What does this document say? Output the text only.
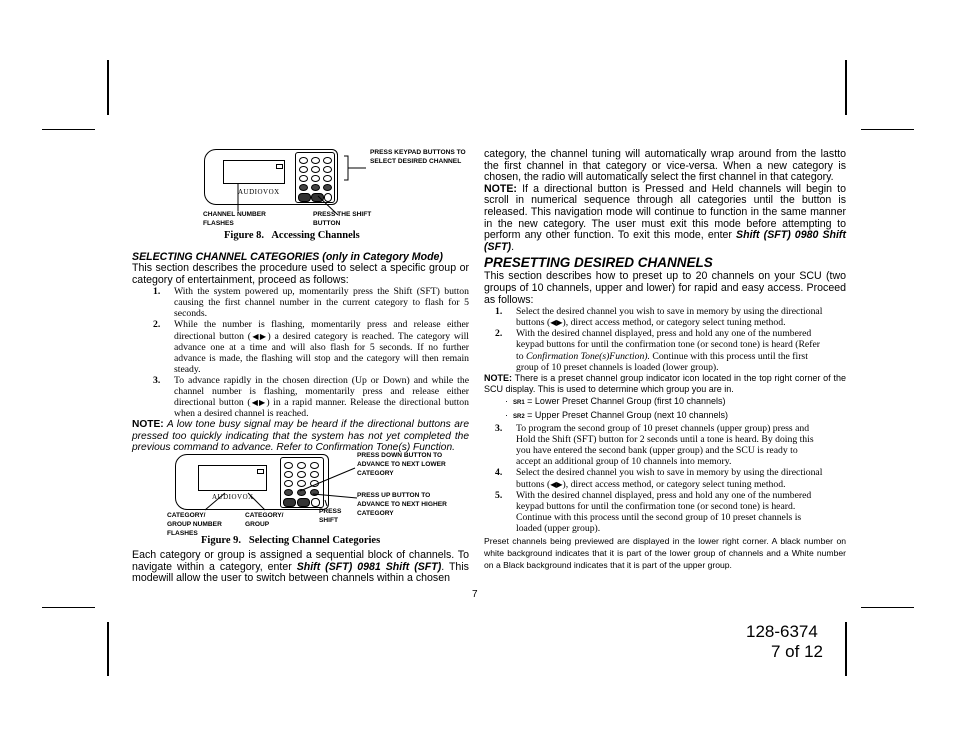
AUDIOVOX
PRESS KEYPAD BUTTONS TO SELECT DESIRED CHANNEL
CHANNEL NUMBER FLASHES
PRESS THE SHIFT BUTTON
Figure 8.   Accessing Channels
SELECTING CHANNEL CATEGORIES (only in Category Mode)
This section describes the procedure used to select a specific group or category of entertainment, proceed as follows:
1. With the system powered up, momentarily press the Shift (SFT) button causing the first channel number in the current category to flash for 5 seconds.
2. While the number is flashing, momentarily press and release either directional button (◀▶) a desired category is reached. The category will advance one at a time and will also flash for 5 seconds. If no further advance is made, the flashing will stop and the category will then remain steady.
3. To advance rapidly in the chosen direction (Up or Down) and while the channel number is flashing, momentarily press and release either directional button (◀▶) in a rapid manner. Release the directional button when a desired channel is reached.
NOTE: A low tone busy signal may be heard if the directional buttons are pressed too quickly indicating that the system has not yet completed the previous command to advance. Refer to Confirmation Tone(s) Function.
AUDIOVOX
PRESS DOWN BUTTON TO ADVANCE TO NEXT LOWER CATEGORY
PRESS UP BUTTON TO ADVANCE TO NEXT HIGHER CATEGORY
PRESS SHIFT
CATEGORY/ GROUP NUMBER FLASHES
CATEGORY/ GROUP
Figure 9.   Selecting Channel Categories
Each category or group is assigned a sequential block of channels. To navigate within a category, enter Shift (SFT) 0981 Shift (SFT). This modewill allow the user to switch between channels within a chosen
category, the channel tuning will automatically wrap around from the lastto the first channel in that category or vice-versa. When a new category is chosen, the radio will automatically select the first channel in that category.
NOTE: If a directional button is Pressed and Held channels will begin to scroll in numerical sequence through all categories until the button is released. This navigation mode will continue to function in the same manner in the new category. The user must exit this mode before attempting to perform any other function. To exit this mode, enter Shift (SFT) 0980 Shift (SFT).
PRESETTING DESIRED CHANNELS
This section describes how to preset up to 20 channels on your SCU (two groups of 10 channels, upper and lower) for rapid and easy access. Proceed as follows:
1. Select the desired channel you wish to save in memory by using the directional buttons (◀▶), direct access method, or category select tuning method.
2. With the desired channel displayed, press and hold any one of the numbered keypad buttons for until the confirmation tone (or second tone) is heard (Refer to Confirmation Tone(s)Function). Continue with this process until the first group of 10 preset channels is loaded (lower group).
NOTE: There is a preset channel group indicator icon located in the top right corner of the SCU display. This is used to determine which group you are in.
·  SR1 = Lower Preset Channel Group (first 10 channels)
·  SR2 = Upper Preset Channel Group (next 10 channels)
3. To program the second group of 10 preset channels (upper group) press and Hold the Shift (SFT) button for 2 seconds until a tone is heard. By doing this you have entered the second bank (upper group) and the SCU is ready to accept an additional group of 10 channels into memory.
4. Select the desired channel you wish to save in memory by using the directional buttons (◀▶), direct access method, or category select tuning method.
5. With the desired channel displayed, press and hold any one of the numbered keypad buttons for until the confirmation tone (or second tone) is heard. Continue with this process until the second group of 10 preset channels is loaded (upper group).
Preset channels being previewed are displayed in the lower right corner. A black number on white background indicates that it is part of the lower group of channels and a White number on a Black background indicates that it is part of the upper group.
7
128-6374
7 of 12
